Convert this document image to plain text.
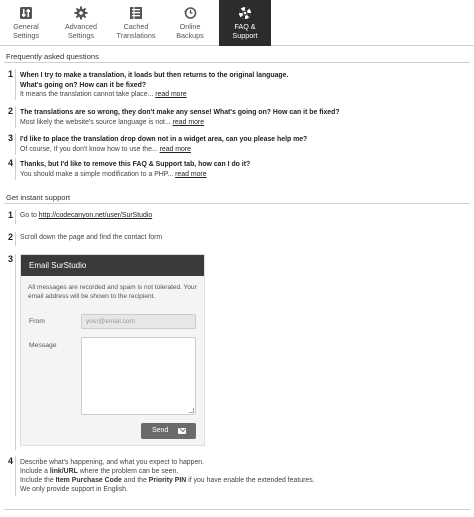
General
Settings
Advanced
Settings
Cached
Translations
Online
Backups
FAQ &
Support
Frequently asked questions
1 When I try to make a translation, it loads but then returns to the original language. What's going on? How can it be fixed?
It means the translation cannot take place... read more
2 The translations are so wrong, they don't make any sense! What's going on? How can it be fixed?
Most likely the website's source language is not... read more
3 I'd like to place the translation drop down not in a widget area, can you please help me?
Of course, If you don't know how to use the... read more
4 Thanks, but I'd like to remove this FAQ & Support tab, how can I do it?
You should make a simple modification to a PHP... read more
Get instant support
1 Go to http://codecanyon.net/user/SurStudio
2 Scroll down the page and find the contact form
3
Email SurStudio
All messages are recorded and spam is not tolerated. Your email address will be shown to the recipient.
From	your@email.com
Message
Send
4 Describe what's happening, and what you expect to happen.
Include a link/URL where the problem can be seen.
Include the Item Purchase Code and the Priority PIN if you have enable the extended features.
We only provide support in English.
